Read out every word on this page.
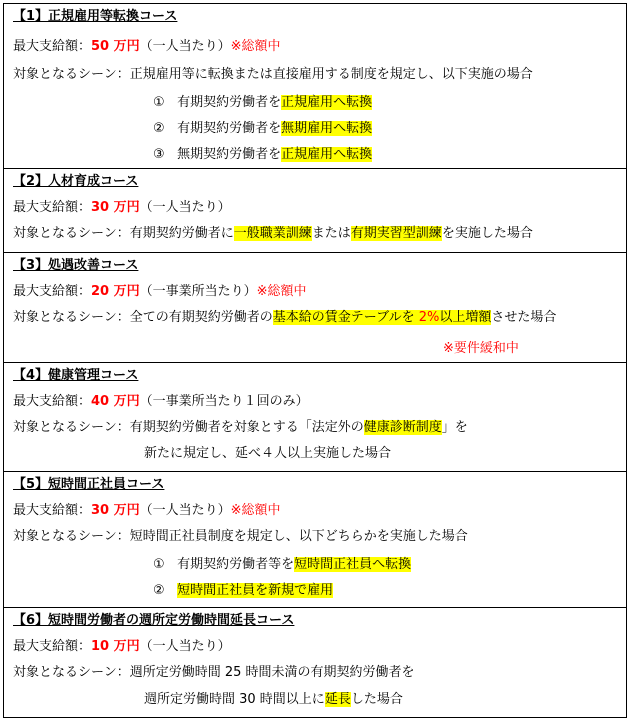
【1】正規雇用等転換コース
最大支給額：50 万円（一人当たり）※総額中
対象となるシーン：正規雇用等に転換または直接雇用する制度を規定し、以下実施の場合
① 有期契約労働者を正規雇用へ転換
② 有期契約労働者を無期雇用へ転換
③ 無期契約労働者を正規雇用へ転換
【2】人材育成コース
最大支給額：30 万円（一人当たり）
対象となるシーン：有期契約労働者に一般職業訓練または有期実習型訓練を実施した場合
【3】処遇改善コース
最大支給額：20 万円（一事業所当たり）※総額中
対象となるシーン：全ての有期契約労働者の基本給の賃金テーブルを 2%以上増額させた場合
※要件緩和中
【4】健康管理コース
最大支給額：40 万円（一事業所当たり１回のみ）
対象となるシーン：有期契約労働者を対象とする「法定外の健康診断制度」を
新たに規定し、延べ４人以上実施した場合
【5】短時間正社員コース
最大支給額：30 万円（一人当たり）※総額中
対象となるシーン：短時間正社員制度を規定し、以下どちらかを実施した場合
① 有期契約労働者等を短時間正社員へ転換
② 短時間正社員を新規で雇用
【6】短時間労働者の週所定労働時間延長コース
最大支給額：10 万円（一人当たり）
対象となるシーン：週所定労働時間 25 時間未満の有期契約労働者を
週所定労働時間 30 時間以上に延長した場合
